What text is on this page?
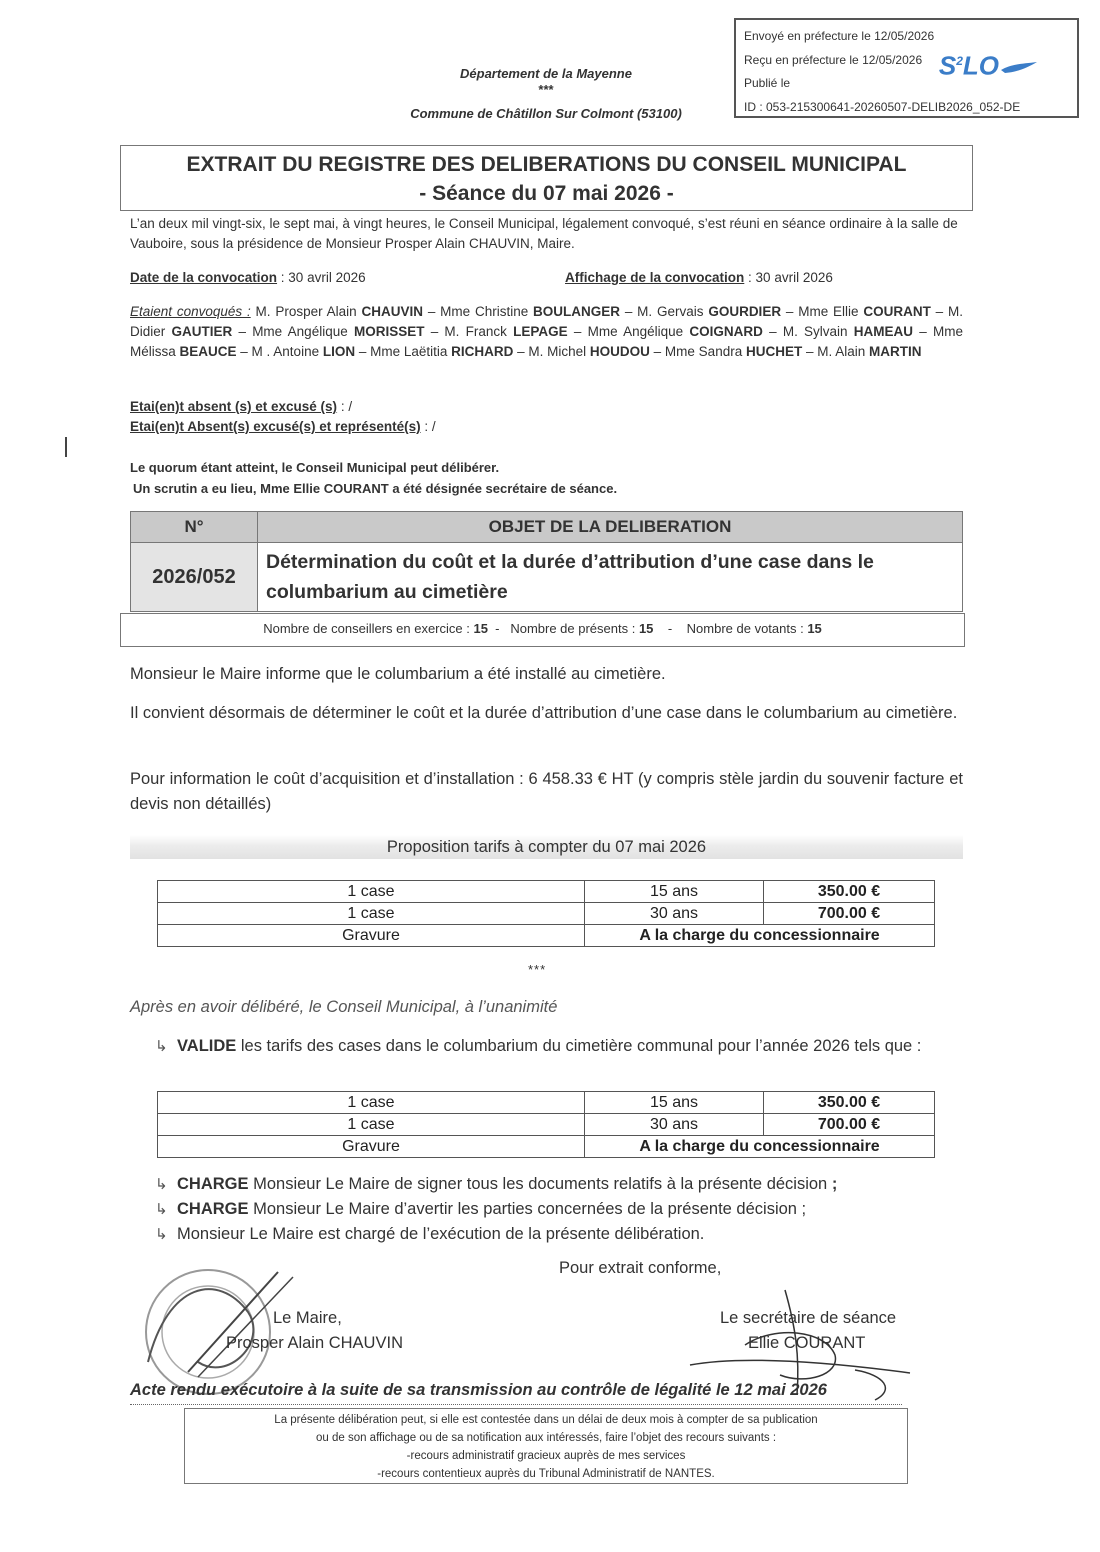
Envoyé en préfecture le 12/05/2026
Reçu en préfecture le 12/05/2026
Publié le
ID : 053-215300641-20260507-DELIB2026_052-DE
$S^2LO$
Département de la Mayenne
***
Commune de Châtillon Sur Colmont (53100)
EXTRAIT DU REGISTRE DES DELIBERATIONS DU CONSEIL MUNICIPAL
- Séance du 07 mai 2026 -
L’an deux mil vingt-six, le sept mai, à vingt heures, le Conseil Municipal, légalement convoqué, s’est réuni en séance ordinaire à la salle de Vauboire, sous la présidence de Monsieur Prosper Alain CHAUVIN, Maire.
Date de la convocation : 30 avril 2026	Affichage de la convocation : 30 avril 2026
Etaient convoqués : M. Prosper Alain CHAUVIN – Mme Christine BOULANGER – M. Gervais GOURDIER – Mme Ellie COURANT – M. Didier GAUTIER – Mme Angélique MORISSET – M. Franck LEPAGE – Mme Angélique COIGNARD – M. Sylvain HAMEAU – Mme Mélissa BEAUCE – M . Antoine LION – Mme Laëtitia RICHARD – M. Michel HOUDOU – Mme Sandra HUCHET – M. Alain MARTIN
Etai(en)t absent (s) et excusé (s) : /
Etai(en)t Absent(s) excusé(s) et représenté(s) : /
Le quorum étant atteint, le Conseil Municipal peut délibérer.
Un scrutin a eu lieu, Mme Ellie COURANT a été désignée secrétaire de séance.
N°	OBJET DE LA DELIBERATION
2026/052	Détermination du coût et la durée d’attribution d’une case dans le columbarium au cimetière
Nombre de conseillers en exercice : 15  -   Nombre de présents : 15    -    Nombre de votants : 15
Monsieur le Maire informe que le columbarium a été installé au cimetière.
Il convient désormais de déterminer le coût et la durée d’attribution d’une case dans le columbarium au cimetière.
Pour information le coût d’acquisition et d’installation : 6 458.33 € HT (y compris stèle jardin du souvenir facture et devis non détaillés)
Proposition tarifs à compter du 07 mai 2026
1 case	15 ans	350.00 €
1 case	30 ans	700.00 €
Gravure	A la charge du concessionnaire	
***
Après en avoir délibéré, le Conseil Municipal, à l’unanimité
↳ VALIDE les tarifs des cases dans le columbarium du cimetière communal pour l’année 2026 tels que :
1 case	15 ans	350.00 €
1 case	30 ans	700.00 €
Gravure	A la charge du concessionnaire	
↳ CHARGE Monsieur Le Maire de signer tous les documents relatifs à la présente décision ;
↳ CHARGE Monsieur Le Maire d’avertir les parties concernées de la présente décision ;
↳ Monsieur Le Maire est chargé de l’exécution de la présente délibération.
Pour extrait conforme,
Le Maire,
Prosper Alain CHAUVIN
Le secrétaire de séance
Ellie COURANT
Acte rendu exécutoire à la suite de sa transmission au contrôle de légalité le 12 mai 2026
La présente délibération peut, si elle est contestée dans un délai de deux mois à compter de sa publication
ou de son affichage ou de sa notification aux intéressés, faire l’objet des recours suivants :
-recours administratif gracieux auprès de mes services
-recours contentieux auprès du Tribunal Administratif de NANTES.
